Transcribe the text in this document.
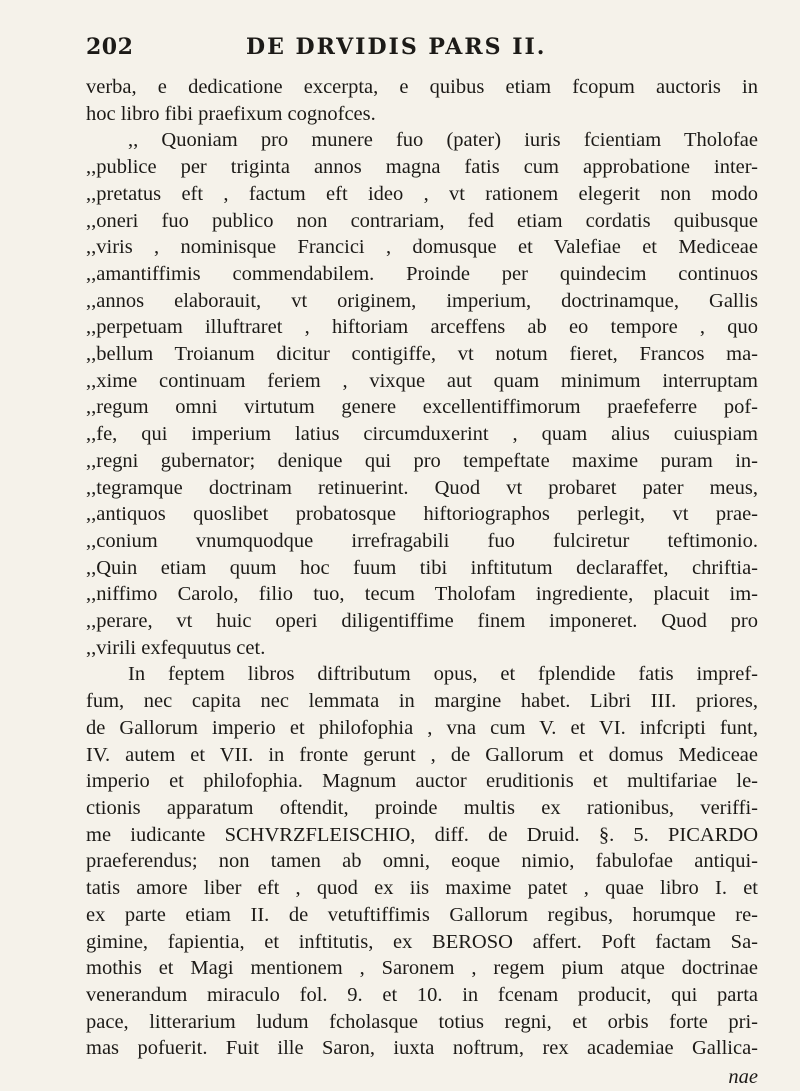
202	DE DRVIDIS PARS II.
verba, e dedicatione excerpta, e quibus etiam fcopum auctoris in
hoc libro fibi praefixum cognofces.
,, Quoniam pro munere fuo (pater) iuris fcientiam Tholofae
,,publice per triginta annos magna fatis cum approbatione inter-
,,pretatus eft , factum eft ideo , vt rationem elegerit non modo
,,oneri fuo publico non contrariam, fed etiam cordatis quibusque
,,viris , nominisque Francici , domusque et Valefiae et Mediceae
,,amantiffimis commendabilem. Proinde per quindecim continuos
,,annos elaborauit, vt originem, imperium, doctrinamque, Gallis
,,perpetuam illuftraret , hiftoriam arceffens ab eo tempore , quo
,,bellum Troianum dicitur contigiffe, vt notum fieret, Francos ma-
,,xime continuam feriem , vixque aut quam minimum interruptam
,,regum omni virtutum genere excellentiffimorum praefeferre pof-
,,fe, qui imperium latius circumduxerint , quam alius cuiuspiam
,,regni gubernator; denique qui pro tempeftate maxime puram in-
,,tegramque doctrinam retinuerint. Quod vt probaret pater meus,
,,antiquos quoslibet probatosque hiftoriographos perlegit, vt prae-
,,conium vnumquodque irrefragabili fuo fulciretur teftimonio.
,,Quin etiam quum hoc fuum tibi inftitutum declaraffet, chriftia-
,,niffimo Carolo, filio tuo, tecum Tholofam ingrediente, placuit im-
,,perare, vt huic operi diligentiffime finem imponeret. Quod pro
,,virili exfequutus cet.
In feptem libros diftributum opus, et fplendide fatis impref-
fum, nec capita nec lemmata in margine habet. Libri III. priores,
de Gallorum imperio et philofophia , vna cum V. et VI. infcripti funt,
IV. autem et VII. in fronte gerunt , de Gallorum et domus Mediceae
imperio et philofophia. Magnum auctor eruditionis et multifariae le-
ctionis apparatum oftendit, proinde multis ex rationibus, veriffi-
me iudicante SCHVRZFLEISCHIO, diff. de Druid. §. 5. PICARDO
praeferendus; non tamen ab omni, eoque nimio, fabulofae antiqui-
tatis amore liber eft , quod ex iis maxime patet , quae libro I. et
ex parte etiam II. de vetuftiffimis Gallorum regibus, horumque re-
gimine, fapientia, et inftitutis, ex BEROSO affert. Poft factam Sa-
mothis et Magi mentionem , Saronem , regem pium atque doctrinae
venerandum miraculo fol. 9. et 10. in fcenam producit, qui parta
pace, litterarium ludum fcholasque totius regni, et orbis forte pri-
mas pofuerit. Fuit ille Saron, iuxta noftrum, rex academiae Gallica-
nae
